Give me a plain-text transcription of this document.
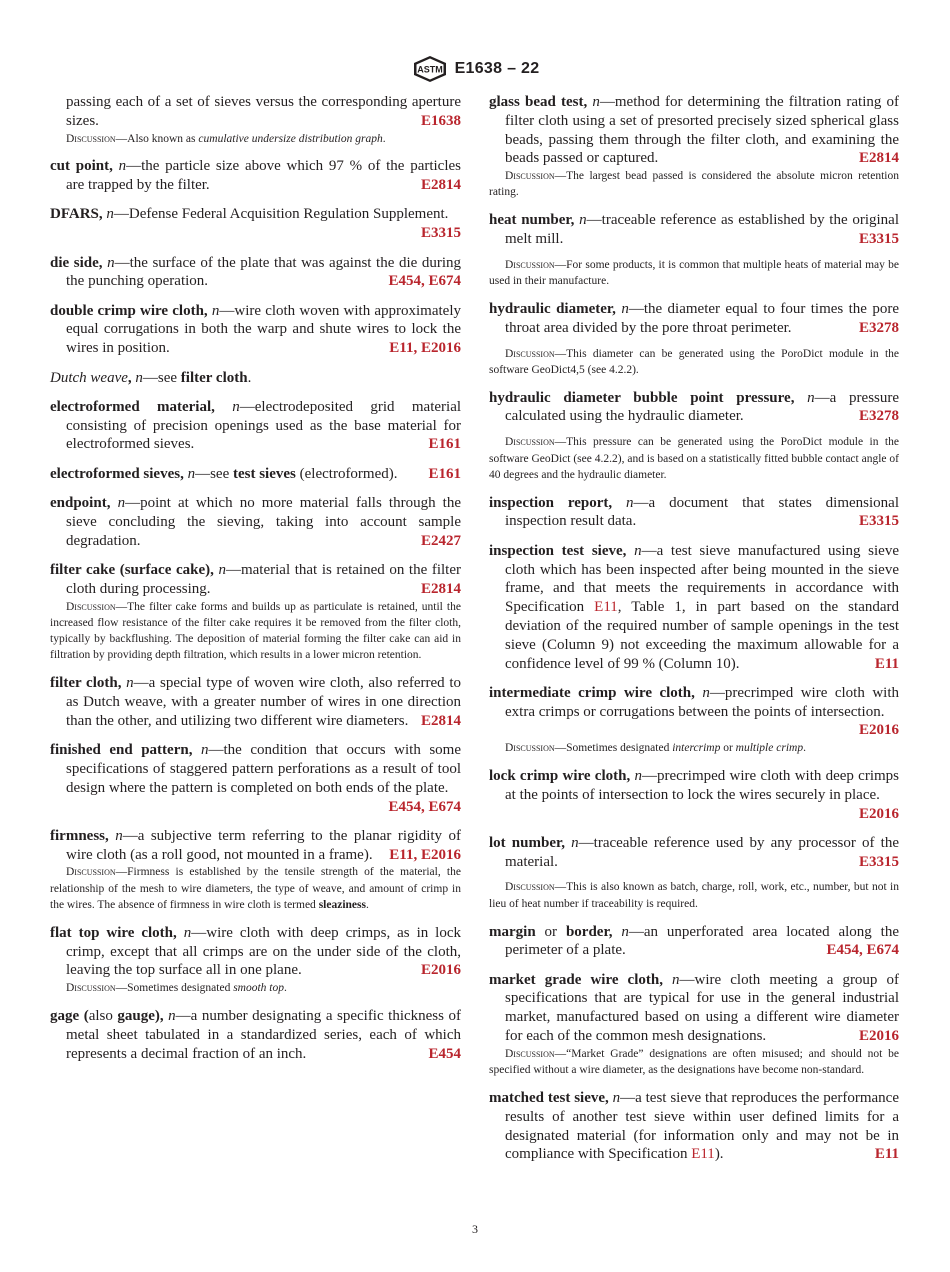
ASTM E1638 – 22
passing each of a set of sieves versus the corresponding aperture sizes.	E1638

Discussion—Also known as cumulative undersize distribution graph.

cut point, n—the particle size above which 97 % of the particles are trapped by the filter.	E2814
DFARS, n—Defense Federal Acquisition Regulation Supplement.
E3315
die side, n—the surface of the plate that was against the die during the punching operation.	E454, E674
double crimp wire cloth, n—wire cloth woven with approximately equal corrugations in both the warp and shute wires to lock the wires in position.	E11, E2016
Dutch weave, n—see filter cloth.
electroformed material, n—electrodeposited grid material consisting of precision openings used as the base material for electroformed sieves.	E161
electroformed sieves, n—see test sieves (electroformed). E161
endpoint, n—point at which no more material falls through the sieve concluding the sieving, taking into account sample degradation.	E2427
filter cake (surface cake), n—material that is retained on the filter cloth during processing.	E2814

Discussion—The filter cake forms and builds up as particulate is retained, until the increased flow resistance of the filter cake requires it be removed from the filter cloth, typically by backflushing. The deposition of material forming the filter cake can aid in filtration by providing depth filtration, which results in a lower micron retention.

filter cloth, n—a special type of woven wire cloth, also referred to as Dutch weave, with a greater number of wires in one direction than the other, and utilizing two different wire diameters. E2814
finished end pattern, n—the condition that occurs with some specifications of staggered pattern perforations as a result of tool design where the pattern is completed on both ends of the plate.
E454, E674
firmness, n—a subjective term referring to the planar rigidity of wire cloth (as a roll good, not mounted in a frame). E11, E2016

Discussion—Firmness is established by the tensile strength of the material, the relationship of the mesh to wire diameters, the type of weave, and amount of crimp in the wires. The absence of firmness in wire cloth is termed sleaziness.

flat top wire cloth, n—wire cloth with deep crimps, as in lock crimp, except that all crimps are on the under side of the cloth, leaving the top surface all in one plane.	E2016

Discussion—Sometimes designated smooth top.

gage (also gauge), n—a number designating a specific thickness of metal sheet tabulated in a standardized series, each of which represents a decimal fraction of an inch.	E454
glass bead test, n—method for determining the filtration rating of filter cloth using a set of presorted precisely sized spherical glass beads, passing them through the filter cloth, and examining the beads passed or captured.	E2814

Discussion—The largest bead passed is considered the absolute micron retention rating.

heat number, n—traceable reference as established by the original melt mill.	E3315

Discussion—For some products, it is common that multiple heats of material may be used in their manufacture.

hydraulic diameter, n—the diameter equal to four times the pore throat area divided by the pore throat perimeter.	E3278

Discussion—This diameter can be generated using the PoroDict module in the software GeoDict4,5 (see 4.2.2).

hydraulic diameter bubble point pressure, n—a pressure calculated using the hydraulic diameter.	E3278

Discussion—This pressure can be generated using the PoroDict module in the software GeoDict (see 4.2.2), and is based on a statistically fitted bubble contact angle of 40 degrees and the hydraulic diameter.

inspection report, n—a document that states dimensional inspection result data.	E3315
inspection test sieve, n—a test sieve manufactured using sieve cloth which has been inspected after being mounted in the sieve frame, and that meets the requirements in accordance with Specification E11, Table 1, in part based on the standard deviation of the required number of sample openings in the test sieve (Column 9) not exceeding the maximum allowable for a confidence level of 99 % (Column 10).	E11
intermediate crimp wire cloth, n—precrimped wire cloth with extra crimps or corrugations between the points of intersection.
E2016

Discussion—Sometimes designated intercrimp or multiple crimp.

lock crimp wire cloth, n—precrimped wire cloth with deep crimps at the points of intersection to lock the wires securely in place.
E2016
lot number, n—traceable reference used by any processor of the material.	E3315

Discussion—This is also known as batch, charge, roll, work, etc., number, but not in lieu of heat number if traceability is required.

margin or border, n—an unperforated area located along the perimeter of a plate.	E454, E674
market grade wire cloth, n—wire cloth meeting a group of specifications that are typical for use in the general industrial market, manufactured based on using a different wire diameter for each of the common mesh designations.	E2016

Discussion—“Market Grade” designations are often misused; and should not be specified without a wire diameter, as the designations have become non-standard.

matched test sieve, n—a test sieve that reproduces the performance results of another test sieve within user defined limits for a designated material (for information only and may not be in compliance with Specification E11).	E11
3
